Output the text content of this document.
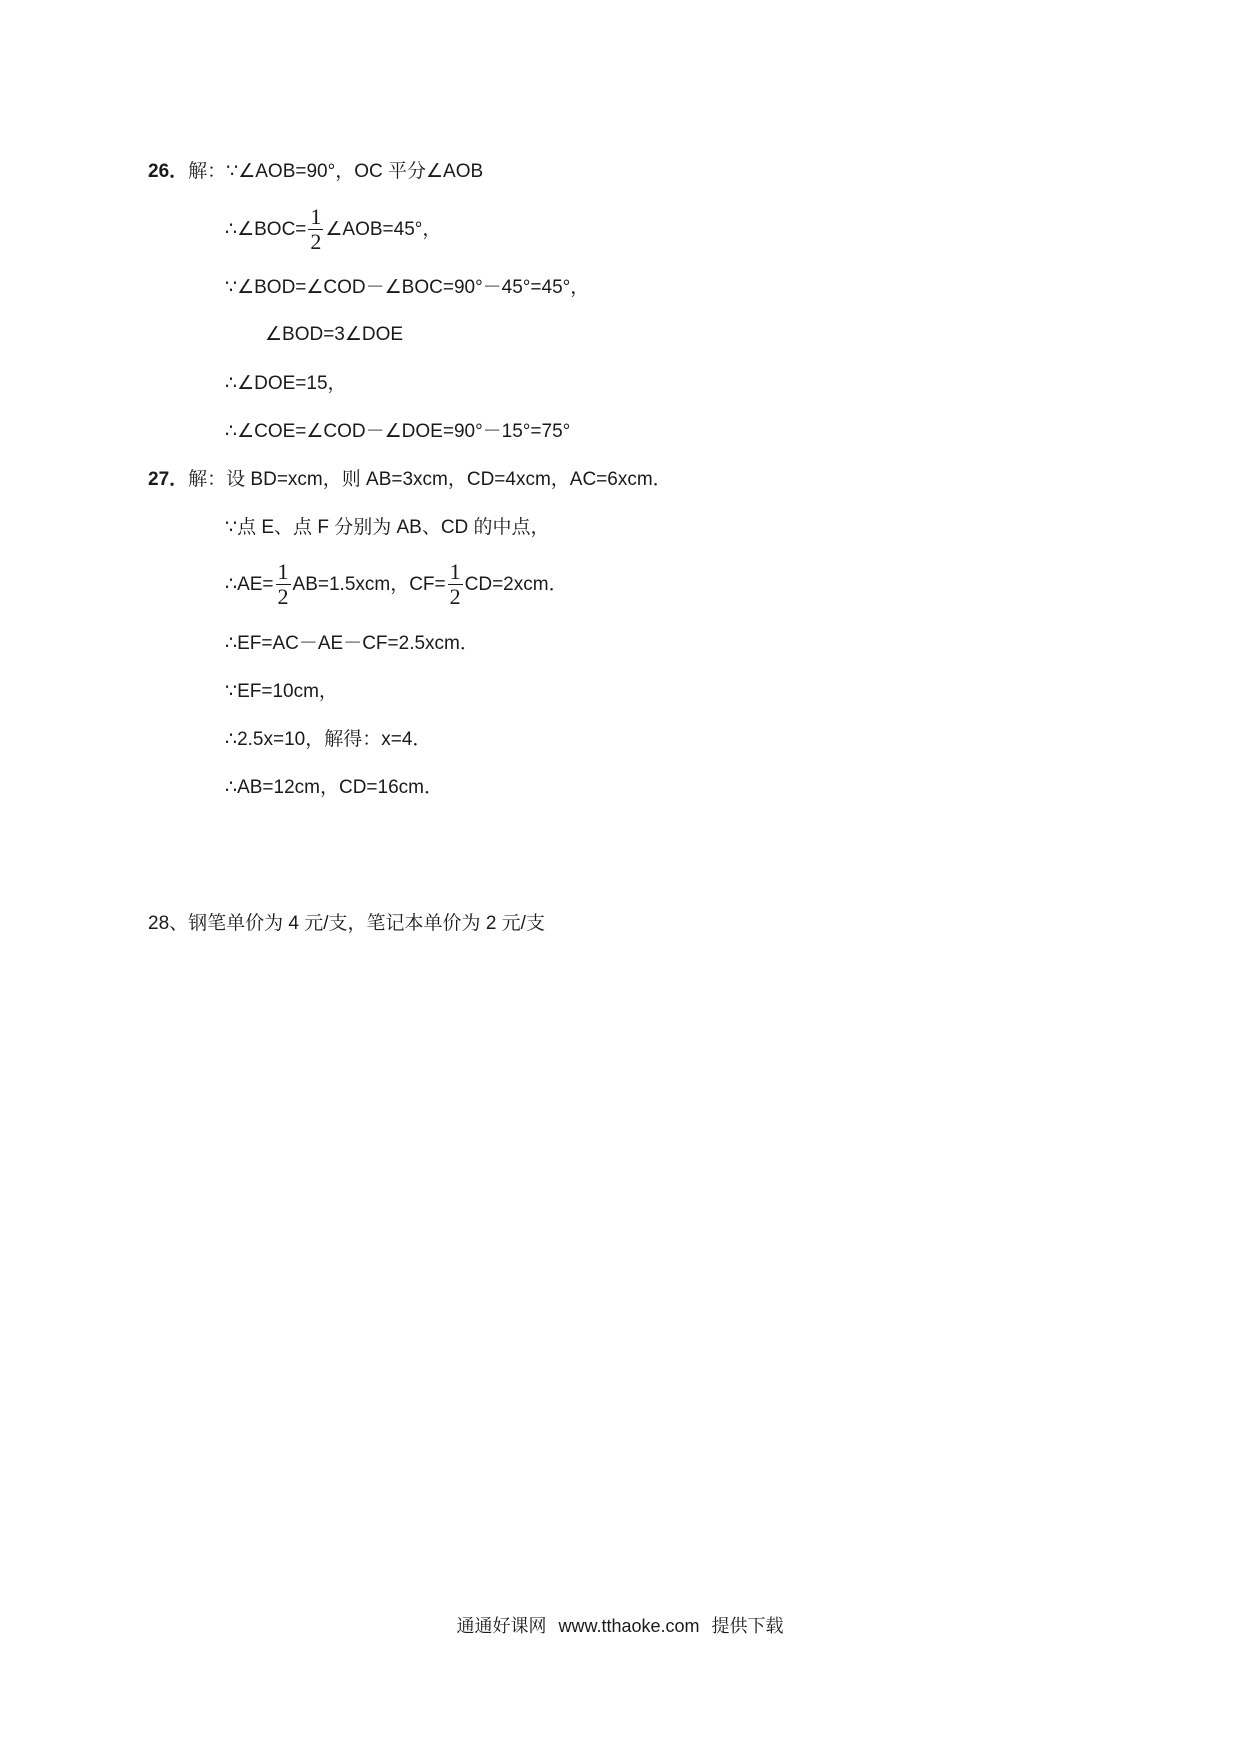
26．解：∵∠AOB=90°，OC 平分∠AOB
∴∠BOC= $\frac{1}{2}$ ∠AOB=45°，
∵∠BOD=∠COD－∠BOC=90°－45°=45°，
∠BOD=3∠DOE
∴∠DOE=15，
∴∠COE=∠COD－∠DOE=90°－15°=75°
27．解：设 BD=xcm，则 AB=3xcm，CD=4xcm，AC=6xcm．
∵点 E、点 F 分别为 AB、CD 的中点，
∴AE= $\frac{1}{2} AB=1.5xcm$，$CF= \frac{1}{2} CD=2xcm$．
∴EF=AC－AE－CF=2.5xcm．
∵EF=10cm，
∴2.5x=10，解得：x=4．
∴AB=12cm，CD=16cm．
28、钢笔单价为 4 元/支，笔记本单价为 2 元/支
通通好课网 www.tthaoke.com 提供下载
